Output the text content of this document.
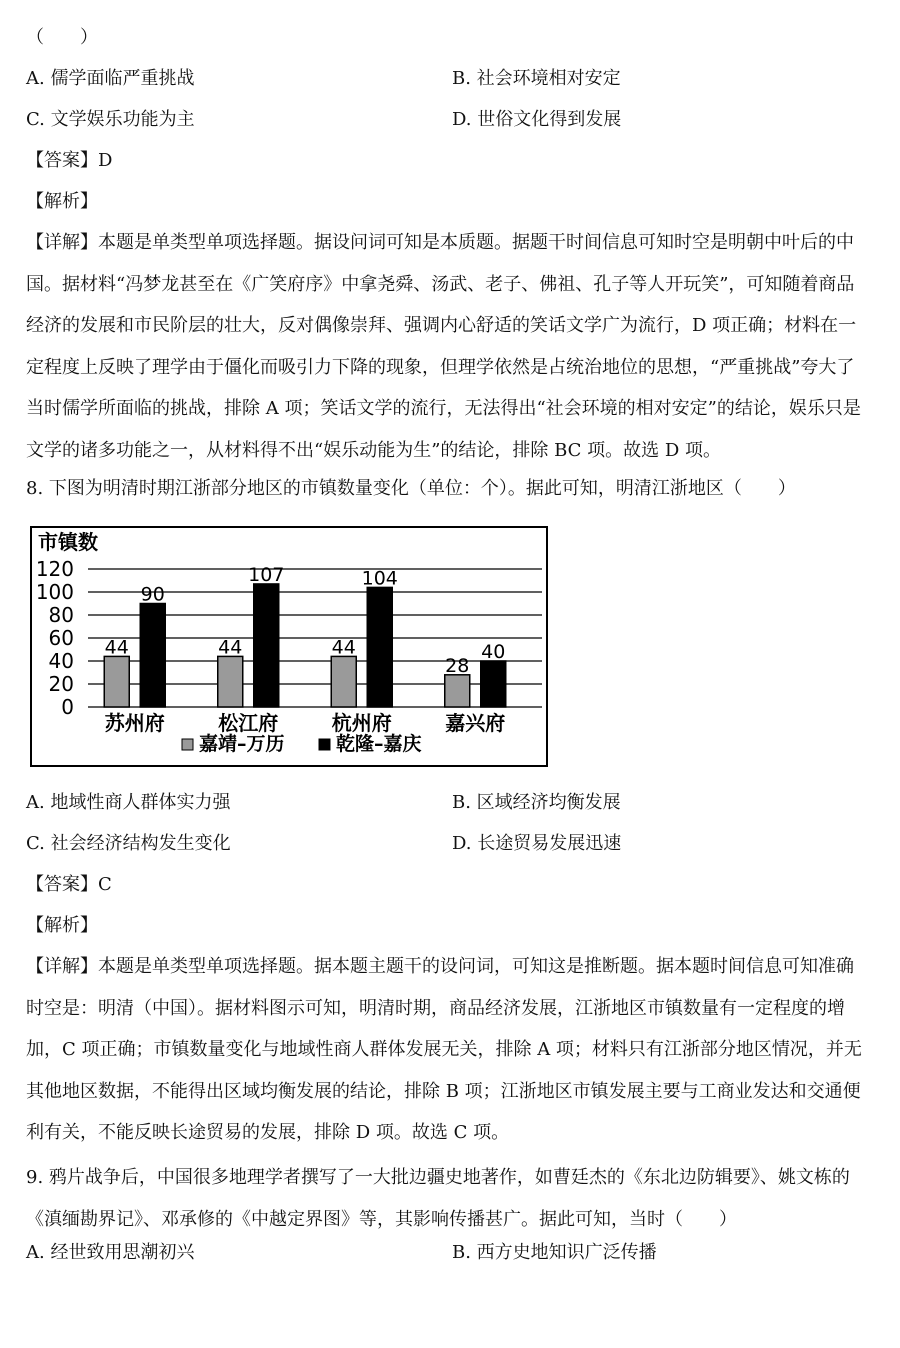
（　　）
A. 儒学面临严重挑战	B. 社会环境相对安定
C. 文学娱乐功能为主	D. 世俗文化得到发展
【答案】D
【解析】
【详解】本题是单类型单项选择题。据设问词可知是本质题。据题干时间信息可知时空是明朝中叶后的中
国。据材料“冯梦龙甚至在《广笑府序》中拿尧舜、汤武、老子、佛祖、孔子等人开玩笑”，可知随着商品
经济的发展和市民阶层的壮大，反对偶像崇拜、强调内心舒适的笑话文学广为流行，D 项正确；材料在一
定程度上反映了理学由于僵化而吸引力下降的现象，但理学依然是占统治地位的思想，“严重挑战”夸大了
当时儒学所面临的挑战，排除 A 项；笑话文学的流行，无法得出“社会环境的相对安定”的结论，娱乐只是
文学的诸多功能之一，从材料得不出“娱乐动能为生”的结论，排除 BC 项。故选 D 项。
8. 下图为明清时期江浙部分地区的市镇数量变化（单位：个）。据此可知，明清江浙地区（　　）
市镇数
0
20
40
60
80
100
120
44
90
苏州府
44
107
松江府
44
104
杭州府
28
40
嘉兴府
嘉靖–万历	乾隆–嘉庆
A. 地域性商人群体实力强	B. 区域经济均衡发展
C. 社会经济结构发生变化	D. 长途贸易发展迅速
【答案】C
【解析】
【详解】本题是单类型单项选择题。据本题主题干的设问词，可知这是推断题。据本题时间信息可知准确
时空是：明清（中国）。据材料图示可知，明清时期，商品经济发展，江浙地区市镇数量有一定程度的增
加，C 项正确；市镇数量变化与地域性商人群体发展无关，排除 A 项；材料只有江浙部分地区情况，并无
其他地区数据，不能得出区域均衡发展的结论，排除 B 项；江浙地区市镇发展主要与工商业发达和交通便
利有关，不能反映长途贸易的发展，排除 D 项。故选 C 项。
9. 鸦片战争后，中国很多地理学者撰写了一大批边疆史地著作，如曹廷杰的《东北边防辑要》、姚文栋的
《滇缅勘界记》、邓承修的《中越定界图》等，其影响传播甚广。据此可知，当时（　　）
A. 经世致用思潮初兴	B. 西方史地知识广泛传播
